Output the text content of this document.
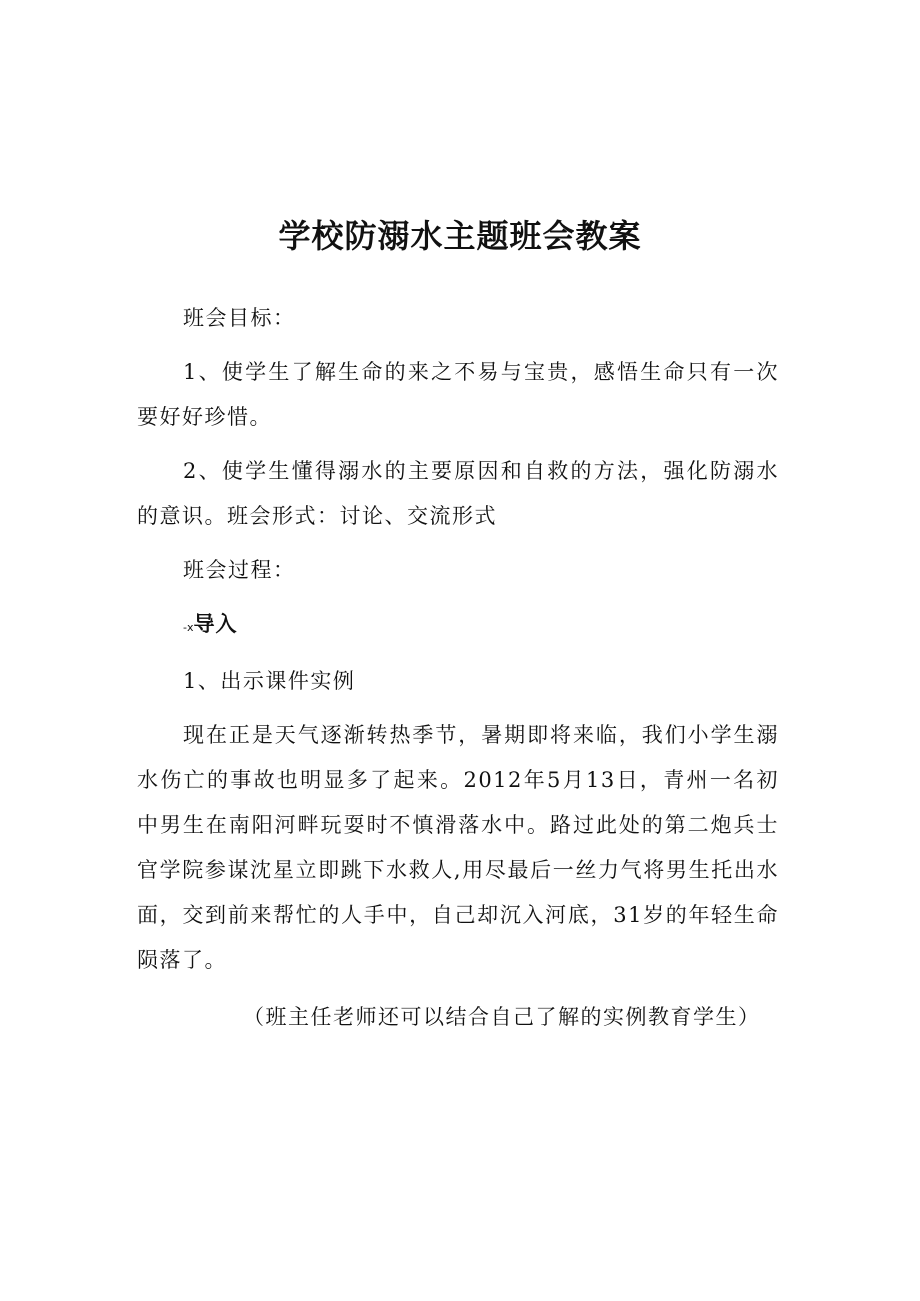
学校防溺水主题班会教案

班会目标：

1、使学生了解生命的来之不易与宝贵，感悟生命只有一次要好好珍惜。

2、使学生懂得溺水的主要原因和自救的方法，强化防溺水的意识。班会形式：讨论、交流形式

班会过程：

-x导入

1、出示课件实例

现在正是天气逐渐转热季节，暑期即将来临，我们小学生溺水伤亡的事故也明显多了起来。2012年5月13日，青州一名初中男生在南阳河畔玩耍时不慎滑落水中。路过此处的第二炮兵士官学院参谋沈星立即跳下水救人,用尽最后一丝力气将男生托出水面，交到前来帮忙的人手中，自己却沉入河底，31岁的年轻生命陨落了。

（班主任老师还可以结合自己了解的实例教育学生）
